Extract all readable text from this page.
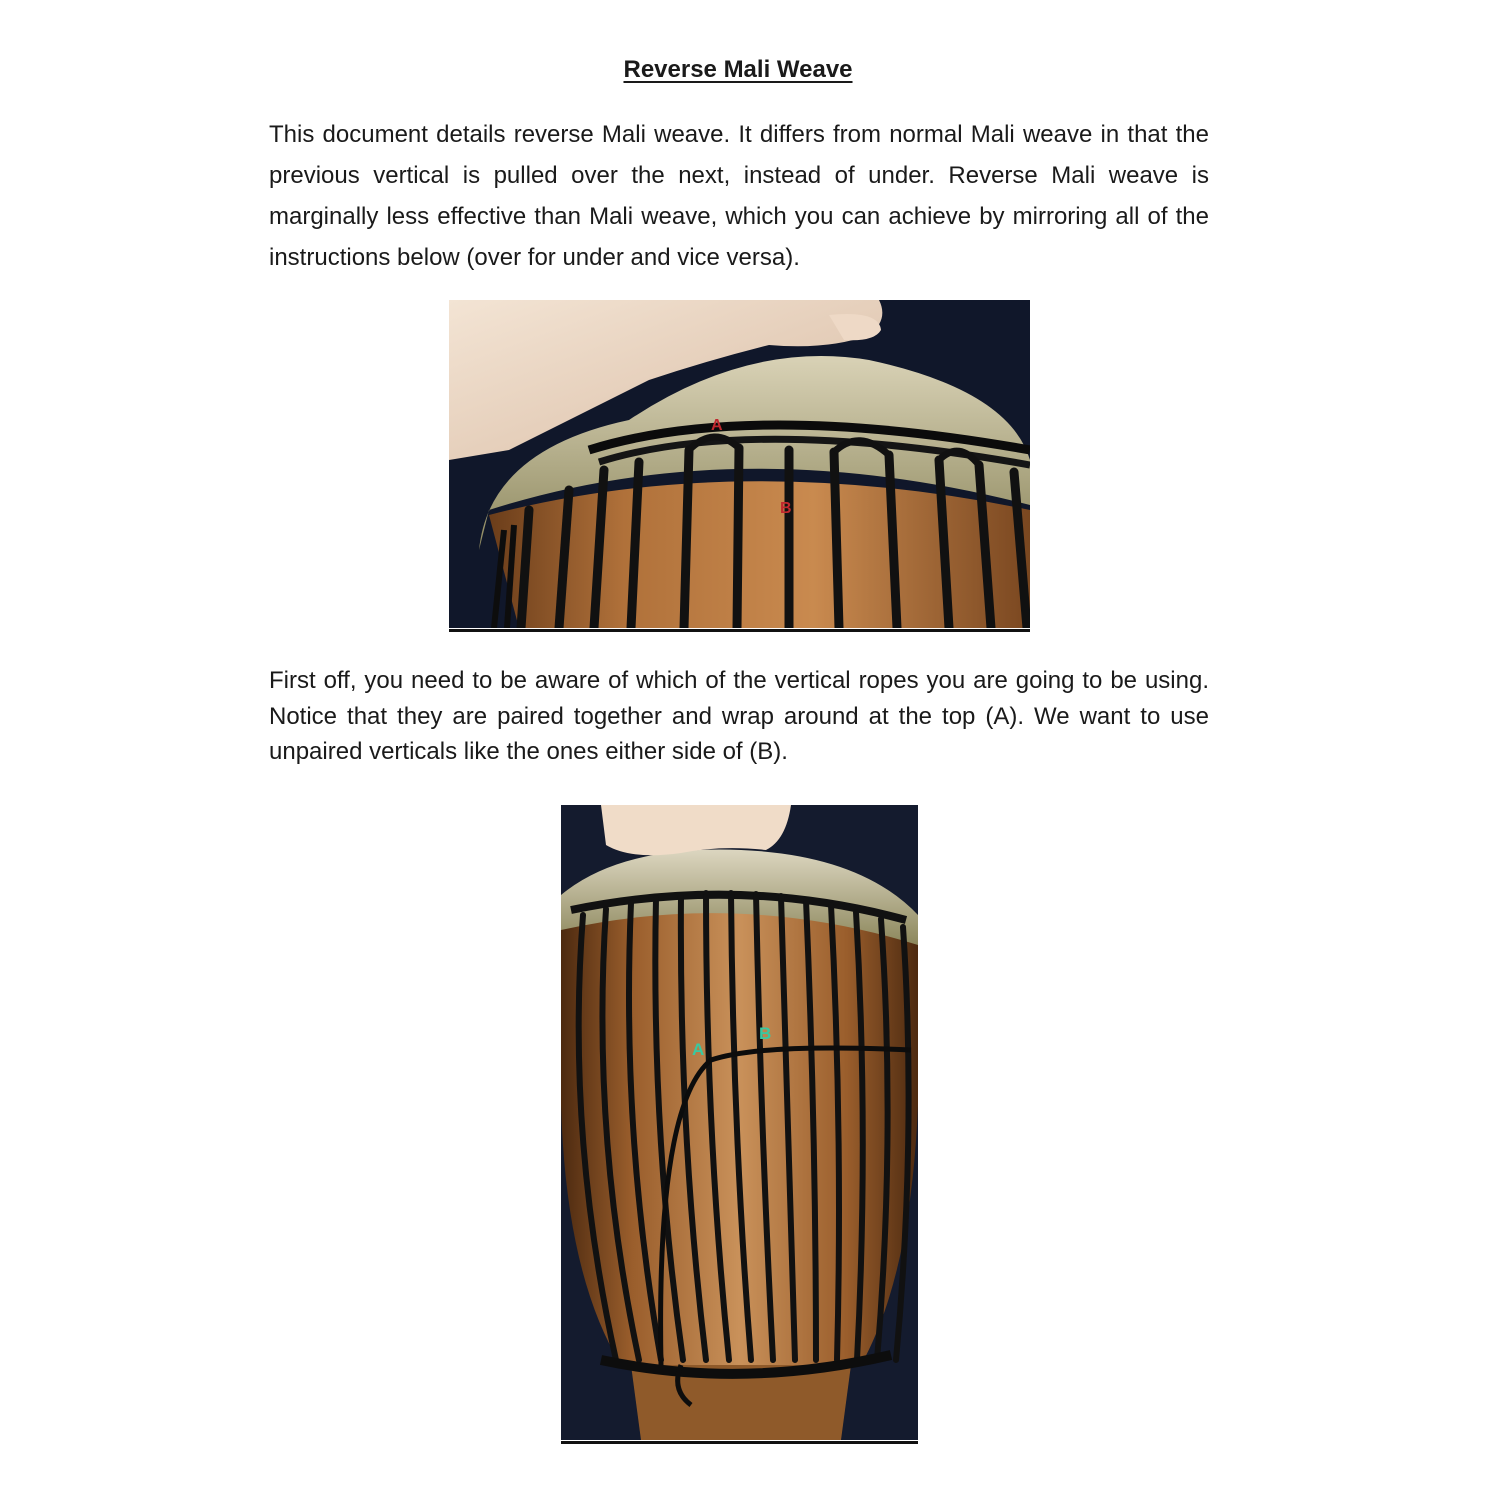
Reverse Mali Weave

This document details reverse Mali weave. It differs from normal Mali weave in that the previous vertical is pulled over the next, instead of under. Reverse Mali weave is marginally less effective than Mali weave, which you can achieve by mirroring all of the instructions below (over for under and vice versa).

A
B

First off, you need to be aware of which of the vertical ropes you are going to be using. Notice that they are paired together and wrap around at the top (A). We want to use unpaired verticals like the ones either side of (B).

A
B
